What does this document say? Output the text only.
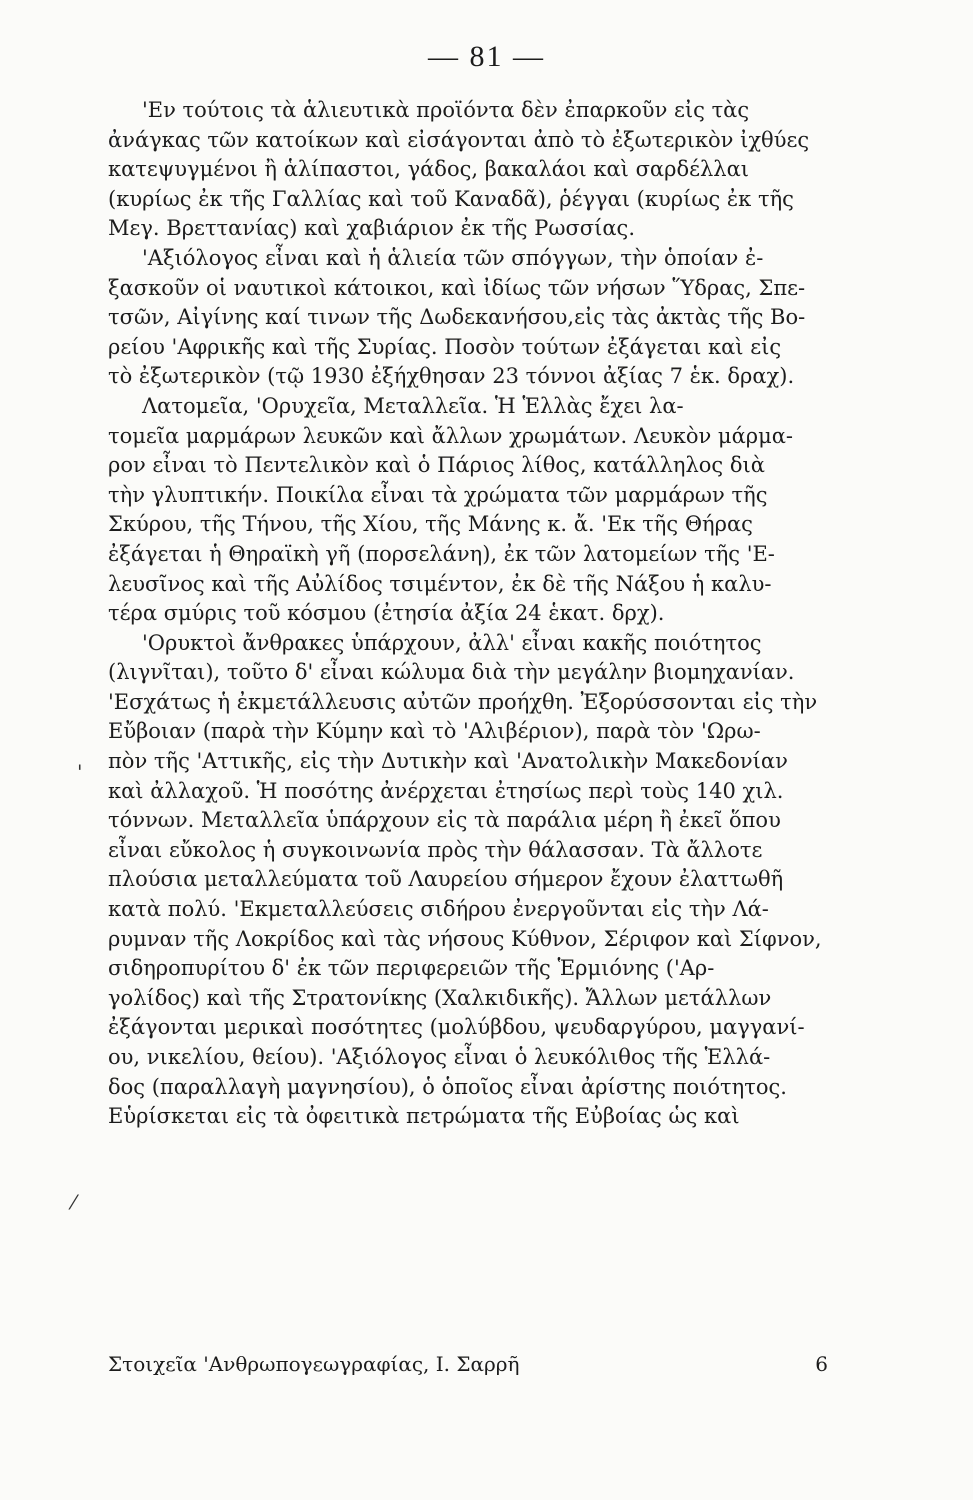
— 81 —
'Εν τούτοις τὰ ἁλιευτικὰ προϊόντα δὲν ἐπαρκοῦν εἰς τὰς
ἀνάγκας τῶν κατοίκων καὶ εἰσάγονται ἀπὸ τὸ ἐξωτερικὸν ἰχθύες
κατεψυγμένοι ἢ ἁλίπαστοι, γάδος, βακαλάοι καὶ σαρδέλλαι
(κυρίως ἐκ τῆς Γαλλίας καὶ τοῦ Καναδᾶ), ῥέγγαι (κυρίως ἐκ τῆς
Μεγ. Βρεττανίας) καὶ χαβιάριον ἐκ τῆς Ρωσσίας.
'Αξιόλογος εἶναι καὶ ἡ ἁλιεία τῶν σπόγγων, τὴν ὁποίαν ἐ-
ξασκοῦν οἱ ναυτικοὶ κάτοικοι, καὶ ἰδίως τῶν νήσων Ὕδρας, Σπε-
τσῶν, Αἰγίνης καί τινων τῆς Δωδεκανήσου,εἰς τὰς ἀκτὰς τῆς Βο-
ρείου 'Αφρικῆς καὶ τῆς Συρίας. Ποσὸν τούτων ἐξάγεται καὶ εἰς
τὸ ἐξωτερικὸν (τῷ 1930 ἐξήχθησαν 23 τόννοι ἀξίας 7 ἑκ. δραχ).
Λατομεῖα, 'Ορυχεῖα, Μεταλλεῖα. Ἡ Ἑλλὰς ἔχει λα-
τομεῖα μαρμάρων λευκῶν καὶ ἄλλων χρωμάτων. Λευκὸν μάρμα-
ρον εἶναι τὸ Πεντελικὸν καὶ ὁ Πάριος λίθος, κατάλληλος διὰ
τὴν γλυπτικήν. Ποικίλα εἶναι τὰ χρώματα τῶν μαρμάρων τῆς
Σκύρου, τῆς Τήνου, τῆς Χίου, τῆς Μάνης κ. ἄ. 'Εκ τῆς Θήρας
ἐξάγεται ἡ Θηραϊκὴ γῆ (πορσελάνη), ἐκ τῶν λατομείων τῆς 'Ε-
λευσῖνος καὶ τῆς Αὐλίδος τσιμέντον, ἐκ δὲ τῆς Νάξου ἡ καλυ-
τέρα σμύρις τοῦ κόσμου (ἐτησία ἀξία 24 ἑκατ. δρχ).
'Ορυκτοὶ ἄνθρακες ὑπάρχουν, ἀλλ' εἶναι κακῆς ποιότητος
(λιγνῖται), τοῦτο δ' εἶναι κώλυμα διὰ τὴν μεγάλην βιομηχανίαν.
'Εσχάτως ἡ ἐκμετάλλευσις αὐτῶν προήχθη. Ἐξορύσσονται εἰς τὴν
Εὔβοιαν (παρὰ τὴν Κύμην καὶ τὸ 'Αλιβέριον), παρὰ τὸν 'Ωρω-
πὸν τῆς 'Αττικῆς, εἰς τὴν Δυτικὴν καὶ 'Ανατολικὴν Μακεδονίαν
καὶ ἀλλαχοῦ. Ἡ ποσότης ἀνέρχεται ἐτησίως περὶ τοὺς 140 χιλ.
τόννων. Μεταλλεῖα ὑπάρχουν εἰς τὰ παράλια μέρη ἢ ἐκεῖ ὅπου
εἶναι εὔκολος ἡ συγκοινωνία πρὸς τὴν θάλασσαν. Τὰ ἄλλοτε
πλούσια μεταλλεύματα τοῦ Λαυρείου σήμερον ἔχουν ἐλαττωθῆ
κατὰ πολύ. 'Εκμεταλλεύσεις σιδήρου ἐνεργοῦνται εἰς τὴν Λά-
ρυμναν τῆς Λοκρίδος καὶ τὰς νήσους Κύθνον, Σέριφον καὶ Σίφνον,
σιδηροπυρίτου δ' ἐκ τῶν περιφερειῶν τῆς Ἑρμιόνης ('Αρ-
γολίδος) καὶ τῆς Στρατονίκης (Χαλκιδικῆς). Ἄλλων μετάλλων
ἐξάγονται μερικαὶ ποσότητες (μολύβδου, ψευδαργύρου, μαγγανί-
ου, νικελίου, θείου). 'Αξιόλογος εἶναι ὁ λευκόλιθος τῆς Ἑλλά-
δος (παραλλαγὴ μαγνησίου), ὁ ὁποῖος εἶναι ἀρίστης ποιότητος.
Εὑρίσκεται εἰς τὰ ὀφειτικὰ πετρώματα τῆς Εὐβοίας ὡς καὶ
Στοιχεῖα 'Ανθρωπογεωγραφίας, Ι. Σαρρῆ	6
'
⁄
